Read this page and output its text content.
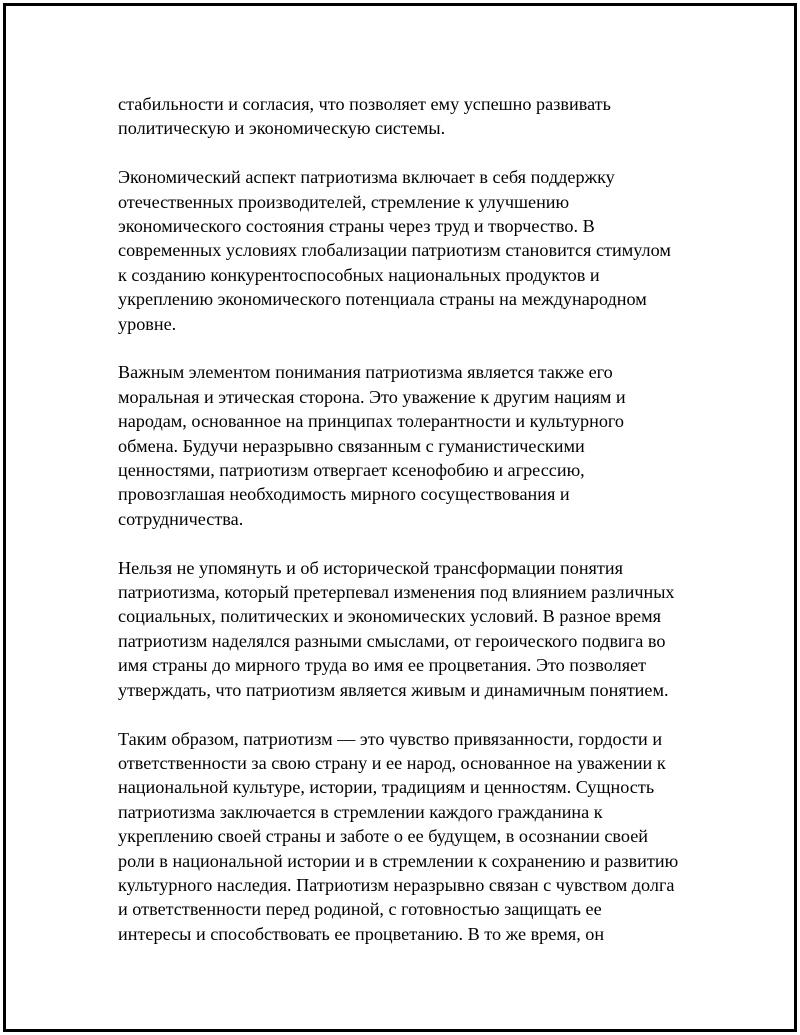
стабильности и согласия, что позволяет ему успешно развивать
политическую и экономическую системы.

Экономический аспект патриотизма включает в себя поддержку
отечественных производителей, стремление к улучшению
экономического состояния страны через труд и творчество. В
современных условиях глобализации патриотизм становится стимулом
к созданию конкурентоспособных национальных продуктов и
укреплению экономического потенциала страны на международном
уровне.

Важным элементом понимания патриотизма является также его
моральная и этическая сторона. Это уважение к другим нациям и
народам, основанное на принципах толерантности и культурного
обмена. Будучи неразрывно связанным с гуманистическими
ценностями, патриотизм отвергает ксенофобию и агрессию,
провозглашая необходимость мирного сосуществования и
сотрудничества.

Нельзя не упомянуть и об исторической трансформации понятия
патриотизма, который претерпевал изменения под влиянием различных
социальных, политических и экономических условий. В разное время
патриотизм наделялся разными смыслами, от героического подвига во
имя страны до мирного труда во имя ее процветания. Это позволяет
утверждать, что патриотизм является живым и динамичным понятием.

Таким образом, патриотизм — это чувство привязанности, гордости и
ответственности за свою страну и ее народ, основанное на уважении к
национальной культуре, истории, традициям и ценностям. Сущность
патриотизма заключается в стремлении каждого гражданина к
укреплению своей страны и заботе о ее будущем, в осознании своей
роли в национальной истории и в стремлении к сохранению и развитию
культурного наследия. Патриотизм неразрывно связан с чувством долга
и ответственности перед родиной, с готовностью защищать ее
интересы и способствовать ее процветанию. В то же время, он
